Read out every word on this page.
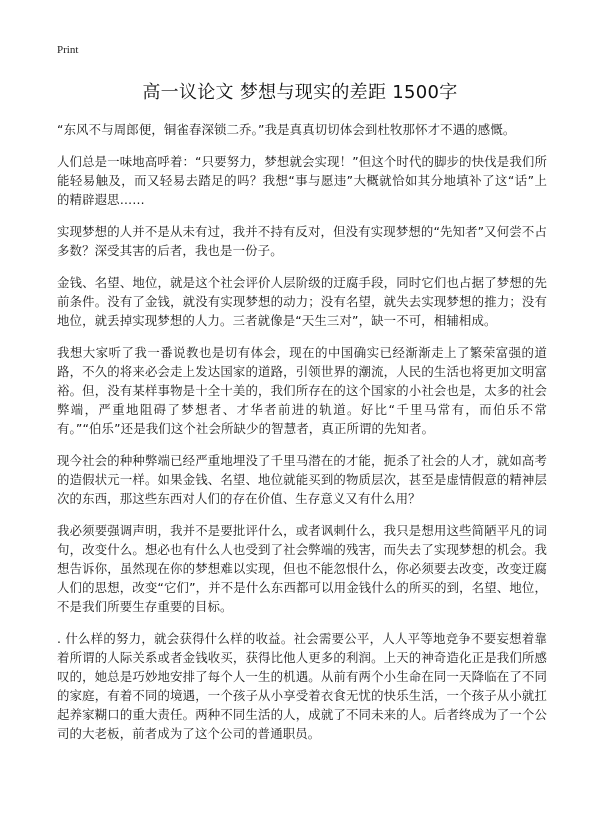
Print
高一议论文 梦想与现实的差距 1500字

“东风不与周郎便，铜雀春深锁二乔。”我是真真切切体会到杜牧那怀才不遇的感慨。

人们总是一味地高呼着：“只要努力，梦想就会实现！”但这个时代的脚步的快伐是我们所能轻易触及，而又轻易去踏足的吗？我想“事与愿违”大概就恰如其分地填补了这“话”上的精辟遐思……

实现梦想的人并不是从未有过，我并不持有反对，但没有实现梦想的“先知者”又何尝不占多数？深受其害的后者，我也是一份子。

金钱、名望、地位，就是这个社会评价人层阶级的迂腐手段，同时它们也占据了梦想的先前条件。没有了金钱，就没有实现梦想的动力；没有名望，就失去实现梦想的推力；没有地位，就丢掉实现梦想的人力。三者就像是“天生三对”，缺一不可，相辅相成。

我想大家听了我一番说教也是切有体会，现在的中国确实已经渐渐走上了繁荣富强的道路，不久的将来必会走上发达国家的道路，引领世界的潮流，人民的生活也将更加文明富裕。但，没有某样事物是十全十美的，我们所存在的这个国家的小社会也是，太多的社会弊端，严重地阻碍了梦想者、才华者前进的轨道。好比“千里马常有，而伯乐不常有。”“伯乐”还是我们这个社会所缺少的智慧者，真正所谓的先知者。

现今社会的种种弊端已经严重地埋没了千里马潜在的才能，扼杀了社会的人才，就如高考的造假状元一样。如果金钱、名望、地位就能买到的物质层次，甚至是虚情假意的精神层次的东西，那这些东西对人们的存在价值、生存意义又有什么用？

我必须要强调声明，我并不是要批评什么，或者讽刺什么，我只是想用这些简陋平凡的词句，改变什么。想必也有什么人也受到了社会弊端的残害，而失去了实现梦想的机会。我想告诉你，虽然现在你的梦想难以实现，但也不能忽恨什么，你必须要去改变，改变迂腐人们的思想，改变“它们”，并不是什么东西都可以用金钱什么的所买的到，名望、地位，不是我们所要生存重要的目标。

. 什么样的努力，就会获得什么样的收益。社会需要公平，人人平等地竞争不要妄想着靠着所谓的人际关系或者金钱收买，获得比他人更多的利润。上天的神奇造化正是我们所感叹的，她总是巧妙地安排了每个人一生的机遇。从前有两个小生命在同一天降临在了不同的家庭，有着不同的境遇，一个孩子从小享受着衣食无忧的快乐生活，一个孩子从小就扛起养家糊口的重大责任。两种不同生活的人，成就了不同未来的人。后者终成为了一个公司的大老板，前者成为了这个公司的普通职员。
